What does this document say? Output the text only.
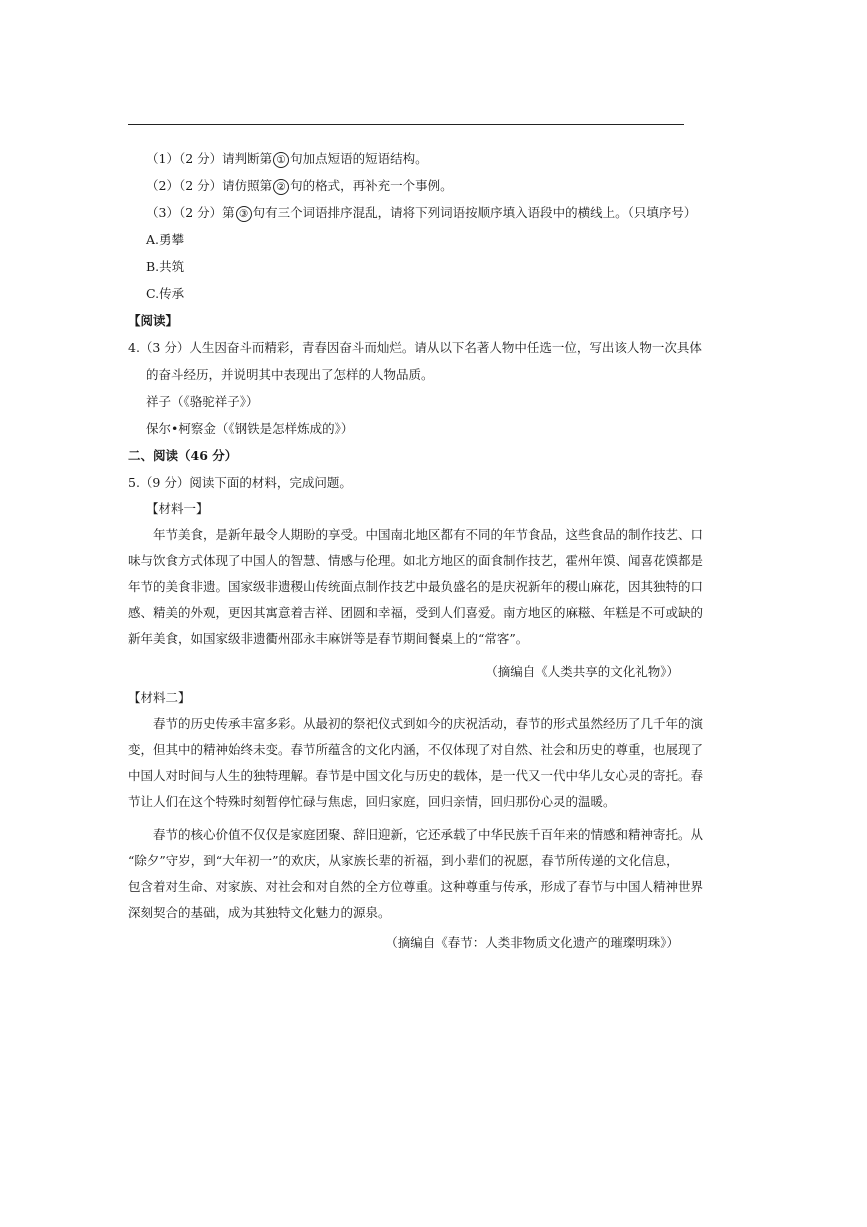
（1）（2 分）请判断第 ① 句加点短语的短语结构。
（2）（2 分）请仿照第 ② 句的格式，再补充一个事例。
（3）（2 分）第 ③ 句有三个词语排序混乱，请将下列词语按顺序填入语段中的横线上。（只填序号）
A.勇攀
B.共筑
C.传承
【阅读】
4.（3 分）人生因奋斗而精彩，青春因奋斗而灿烂。请从以下名著人物中任选一位，写出该人物一次具体
的奋斗经历，并说明其中表现出了怎样的人物品质。
祥子（《骆驼祥子》）
保尔•柯察金（《钢铁是怎样炼成的》）
二、阅读（46 分）
5.（9 分）阅读下面的材料，完成问题。
【材料一】
年节美食，是新年最令人期盼的享受。中国南北地区都有不同的年节食品，这些食品的制作技艺、口
味与饮食方式体现了中国人的智慧、情感与伦理。如北方地区的面食制作技艺，霍州年馍、闻喜花馍都是
年节的美食非遗。国家级非遗稷山传统面点制作技艺中最负盛名的是庆祝新年的稷山麻花，因其独特的口
感、精美的外观，更因其寓意着吉祥、团圆和幸福，受到人们喜爱。南方地区的麻糍、年糕是不可或缺的
新年美食，如国家级非遗衢州邵永丰麻饼等是春节期间餐桌上的“常客”。
（摘编自《人类共享的文化礼物》）
【材料二】
春节的历史传承丰富多彩。从最初的祭祀仪式到如今的庆祝活动，春节的形式虽然经历了几千年的演
变，但其中的精神始终未变。春节所蕴含的文化内涵，不仅体现了对自然、社会和历史的尊重，也展现了
中国人对时间与人生的独特理解。春节是中国文化与历史的载体，是一代又一代中华儿女心灵的寄托。春
节让人们在这个特殊时刻暂停忙碌与焦虑，回归家庭，回归亲情，回归那份心灵的温暖。
春节的核心价值不仅仅是家庭团聚、辞旧迎新，它还承载了中华民族千百年来的情感和精神寄托。从
“除夕”守岁，到“大年初一”的欢庆，从家族长辈的祈福，到小辈们的祝愿，春节所传递的文化信息，
包含着对生命、对家族、对社会和对自然的全方位尊重。这种尊重与传承，形成了春节与中国人精神世界
深刻契合的基础，成为其独特文化魅力的源泉。
（摘编自《春节：人类非物质文化遗产的璀璨明珠》）
